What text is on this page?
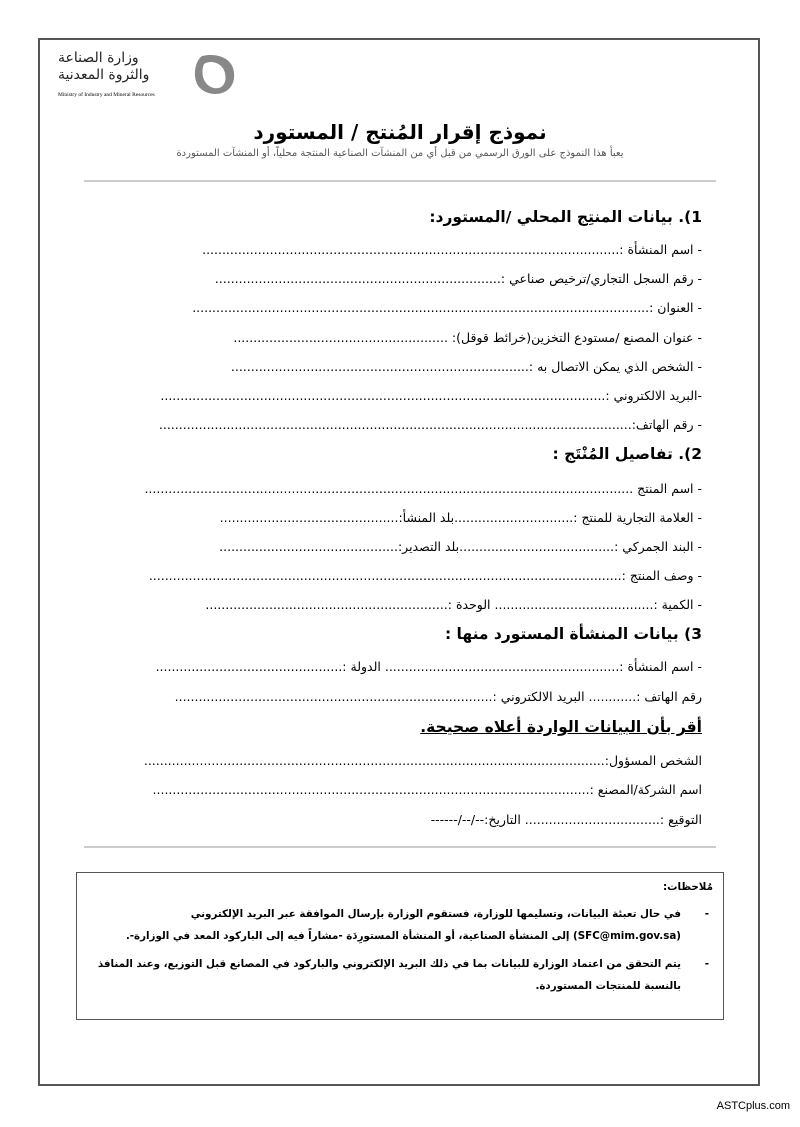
وزارة الصناعة
والثروة المعدنية
Ministry of Industry and Mineral Resources
نموذج إقرار المُنتج / المستورد
يعبأ هذا النموذج على الورق الرسمي من قبل أي من المنشآت الصناعية المنتجة محلياً، أو المنشآت المستوردة
1). بيانات المنتِج المحلي /المستورد:
- اسم المنشأة :.........................................................................................................
- رقم السجل التجاري/ترخيص صناعي :........................................................................
- العنوان :...................................................................................................................
- عنوان المصنع /مستودع التخزين(خرائط قوقل): ......................................................
- الشخص الذي يمكن الاتصال به :...........................................................................
-البريد الالكتروني :................................................................................................................
- رقم الهاتف:.......................................................................................................................
2). تفاصيل المُنْتَج :
- اسم المنتج ...........................................................................................................................
- العلامة التجارية للمنتج :..............................بلد المنشأ:.............................................
- البند الجمركي :.......................................بلد التصدير:.............................................
- وصف المنتج :.......................................................................................................................
- الكمية :........................................ الوحدة :.............................................................
3) بيانات المنشأة المستورد منها :
- اسم المنشأة :........................................................... الدولة :...............................................
رقم الهاتف :............ البريد الالكتروني :................................................................................
أقر بأن البيانات الواردة أعلاه صحيحة.
الشخص المسؤول:....................................................................................................................
اسم الشركة/المصنع :..............................................................................................................
التوقيع :.................................. التاريخ:--/--/------
مُلاحظات:
-
في حال تعبئة البيانات، وتسليمها للوزارة، فستقوم الوزارة بإرسال الموافقة عبر البريد الإلكتروني (SFC@mim.gov.sa) إلى المنشأة الصناعية، أو المنشأة المستورِدَة -مشاراً فيه إلى الباركود المعد في الوزارة-.
-
يتم التحقق من اعتماد الوزارة للبيانات بما في ذلك البريد الإلكتروني والباركود في المصانع قبل التوزيع، وعند المنافذ بالنسبة للمنتجات المستوردة.
ASTCplus.com
